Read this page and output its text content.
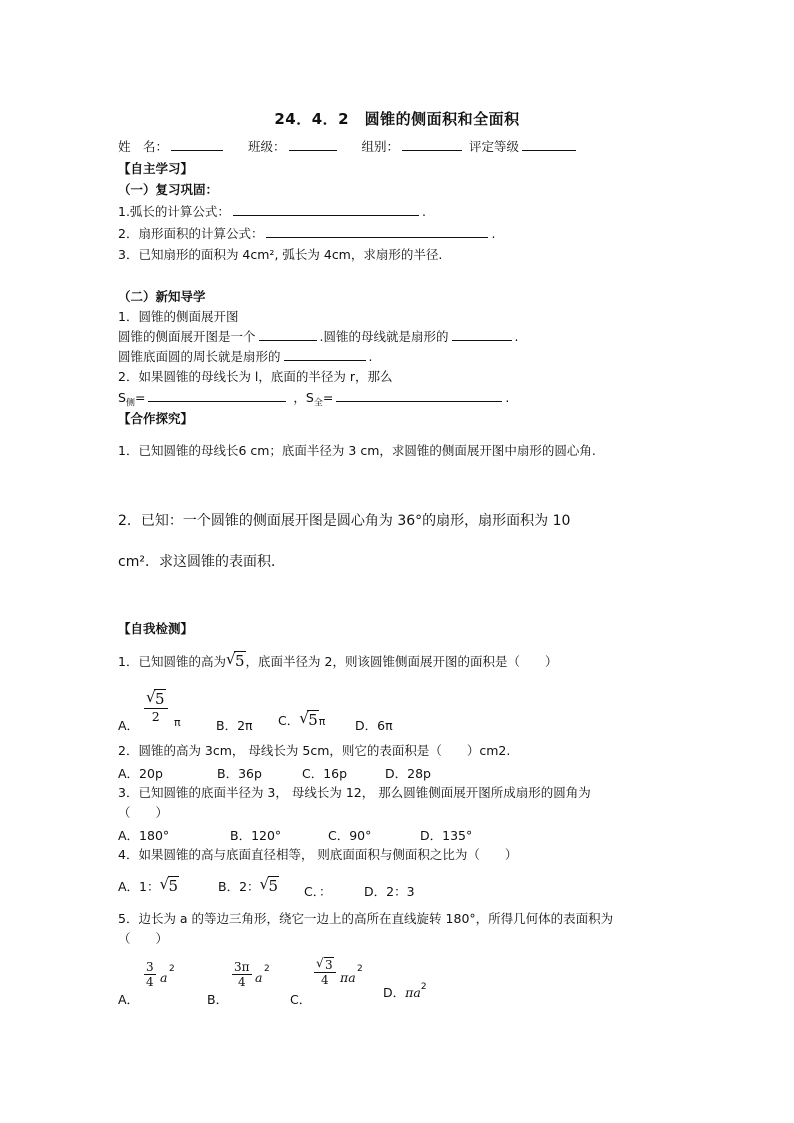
24．4．2　圆锥的侧面积和全面积
姓　名：	班级：	组别：	评定等级
【自主学习】
（一）复习巩固：
1.弧长的计算公式：	.
2．扇形面积的计算公式：	.
3．已知扇形的面积为 4cm², 弧长为 4cm，求扇形的半径.
（二）新知导学
1．圆锥的侧面展开图
圆锥的侧面展开图是一个	.圆锥的母线就是扇形的	.
圆锥底面圆的周长就是扇形的	.
2．如果圆锥的母线长为 l，底面的半径为 r，那么
$S_侧=$	，$S_全=$	.
【合作探究】
1．已知圆锥的母线长6 cm；底面半径为 3 cm，求圆锥的侧面展开图中扇形的圆心角.
2．已知：一个圆锥的侧面展开图是圆心角为 36°的扇形，扇形面积为 10
cm²．求这圆锥的表面积．
【自我检测】
1．已知圆锥的高为 √ 5，底面半径为 2，则该圆锥侧面展开图的面积是（　　）
A．
$\frac{√ 5}{2}$ π	B．2π C． √ 5π D．6π
2．圆锥的高为 3cm， 母线长为 5cm，则它的表面积是（　　）cm2.
A．20p	B．36p	C．16p	D．28p
3．已知圆锥的底面半径为 3， 母线长为 12， 那么圆锥侧面展开图所成扇形的圆角为
（　　）
A．180°	B．120°	C．90°	D．135°
4．如果圆锥的高与底面直径相等， 则底面面积与侧面积之比为（　　）
A．1： √ 5	B．2： √ 5 C．：	D．2：3
5．边长为 a 的等边三角形，绕它一边上的高所在直线旋转 180°，所得几何体的表面积为
（　　）
A．
$\frac{3}{4}$ a
2
B．
$\frac{3\pi}{4}$ a
2
C．
$\frac{√ 3}{4}$ πa
2
D．$\pi a^2$
